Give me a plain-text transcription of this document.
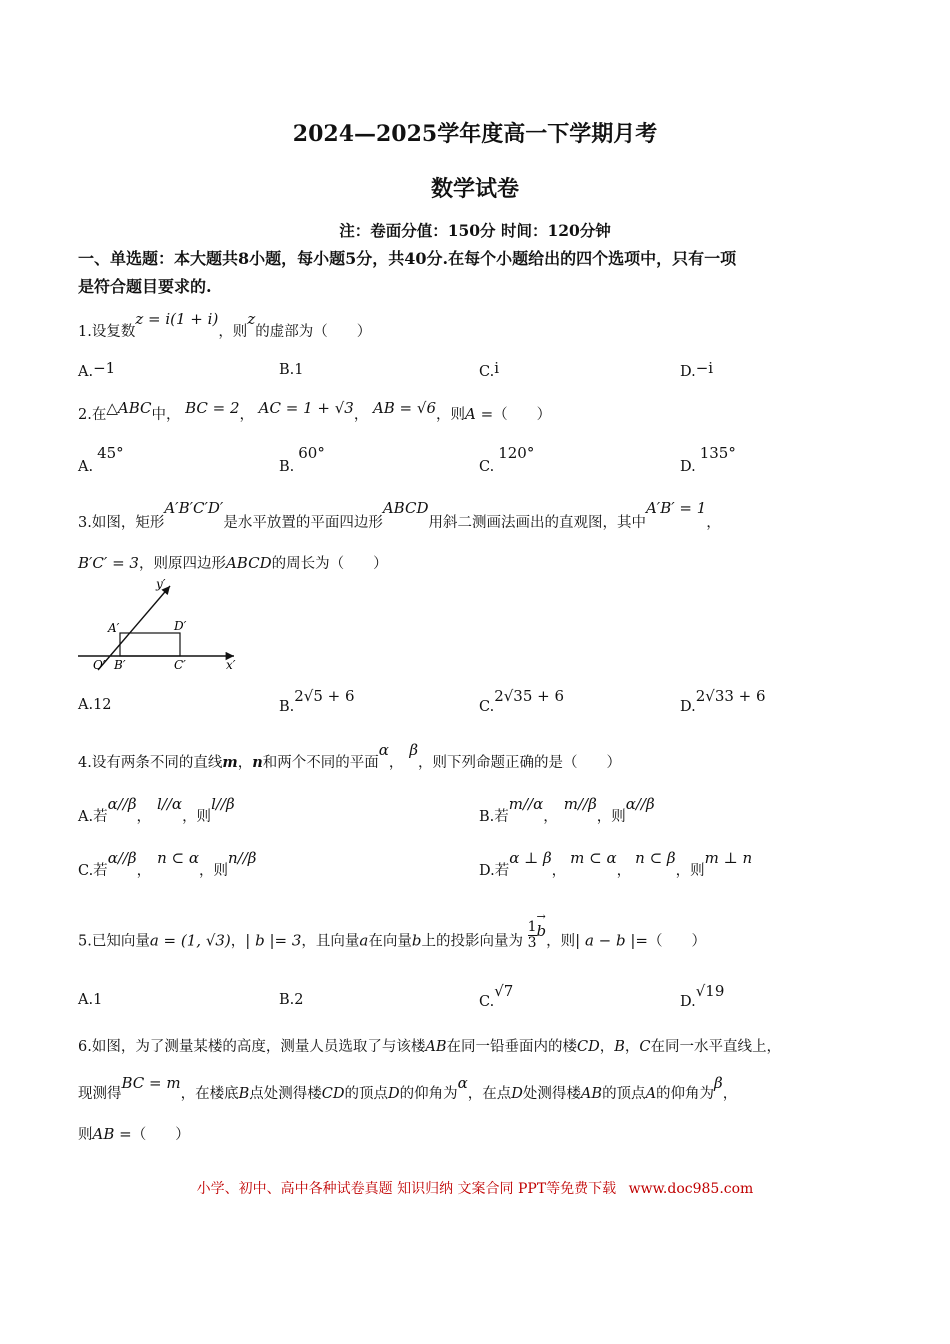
2024—2025学年度高一下学期月考
数学试卷
注：卷面分值：150分 时间：120分钟
一、单选题：本大题共8小题，每小题5分，共40分.在每个小题给出的四个选项中，只有一项
是符合题目要求的.
1.设复数z = i(1 + i)，则z的虚部为（　　）
A.−1	B.1	C.i	D.−i
2.在△ABC中， BC = 2， AC = 1 + √3， AB = √6，则A =（　　）
A.45°
B.60°
C.120°
D.135°
3.如图，矩形A′B′C′D′是水平放置的平面四边形ABCD用斜二测画法画出的直观图，其中A′B′ = 1，
B′C′ = 3，则原四边形ABCD的周长为（　　）
y′
A′	D′
O′ B′	C′	x′
A.12	B.2√5 + 6
C.2√35 + 6
D.2√33 + 6
4.设有两条不同的直线m，n和两个不同的平面α，β，则下列命题正确的是（　　）
A.若α//β，l//α，则l//β
B.若m//α，m//β，则α//β
C.若α//β，n ⊂ α，则n//β
D.若α ⊥ β，m ⊂ α，n ⊂ β，则m ⊥ n
5.已知向量a = (1, √3)，| b |= 3，且向量a在向量b上的投影向量为 $\frac{1}{3}$
→
b，则| a − b |=（　　）
A.1	B.2	C.√7
D.√19
6.如图，为了测量某楼的高度，测量人员选取了与该楼AB在同一铅垂面内的楼CD，B，C在同一水平直线上，
现测得BC = m，在楼底B点处测得楼CD的顶点D的仰角为α，在点D处测得楼AB的顶点A的仰角为β，
则AB =（　　）
小学、初中、高中各种试卷真题 知识归纳 文案合同 PPT等免费下载 www.doc985.com
